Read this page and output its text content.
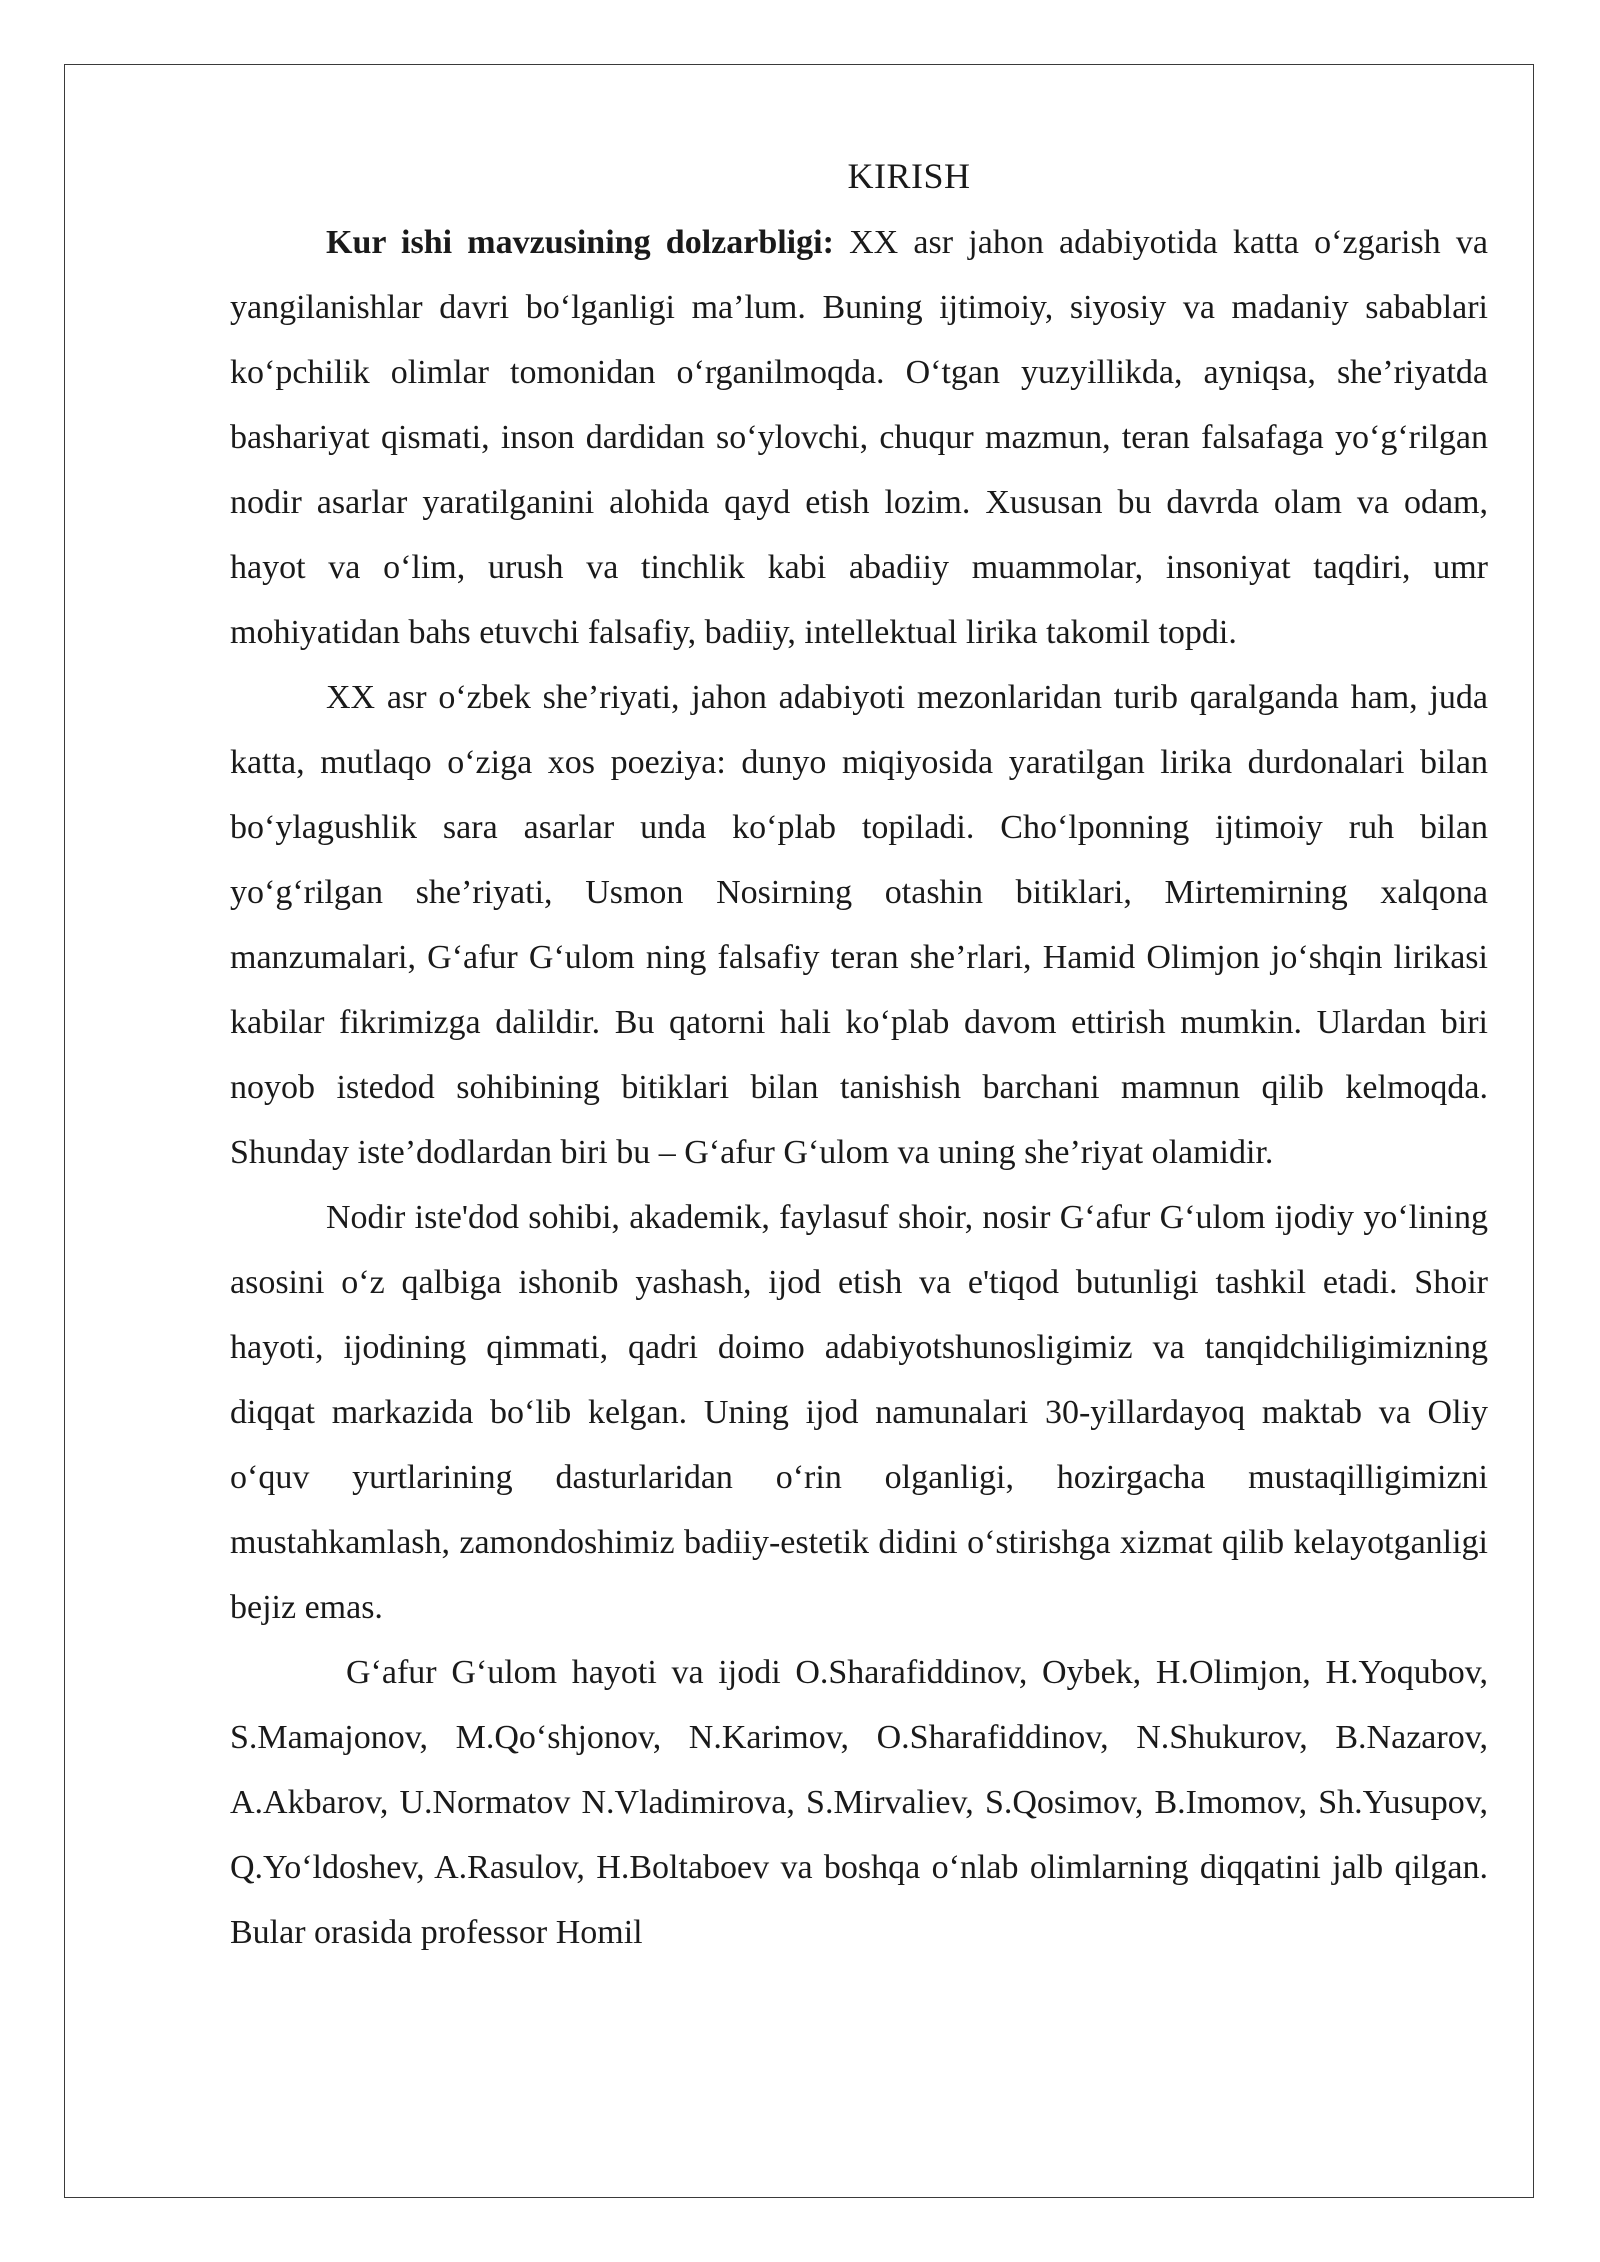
KIRISH

Kur ishi mavzusining dolzarbligi: XX asr jahon adabiyotida katta o‘zgarish va yangilanishlar davri bo‘lganligi ma’lum. Buning ijtimoiy, siyosiy va madaniy sabablari ko‘pchilik olimlar tomonidan o‘rganilmoqda. O‘tgan yuzyillikda, ayniqsa, she’riyatda bashariyat qismati, inson dardidan so‘ylovchi, chuqur mazmun, teran falsafaga yo‘g‘rilgan nodir asarlar yaratilganini alohida qayd etish lozim. Xususan bu davrda olam va odam, hayot va o‘lim, urush va tinchlik kabi abadiiy muammolar, insoniyat taqdiri, umr mohiyatidan bahs etuvchi falsafiy, badiiy, intellektual lirika takomil topdi.

XX asr o‘zbek she’riyati, jahon adabiyoti mezonlaridan turib qaralganda ham, juda katta, mutlaqo o‘ziga xos poeziya: dunyo miqiyosida yaratilgan lirika durdonalari bilan bo‘ylagushlik sara asarlar unda ko‘plab topiladi. Cho‘lponning ijtimoiy ruh bilan yo‘g‘rilgan she’riyati, Usmon Nosirning otashin bitiklari, Mirtemirning xalqona manzumalari, G‘afur G‘ulom ning falsafiy teran she’rlari, Hamid Olimjon jo‘shqin lirikasi kabilar fikrimizga dalildir. Bu qatorni hali ko‘plab davom ettirish mumkin. Ulardan biri noyob istedod sohibining bitiklari bilan tanishish barchani mamnun qilib kelmoqda. Shunday iste’dodlardan biri bu – G‘afur G‘ulom va uning she’riyat olamidir.

Nodir iste'dod sohibi, akademik, faylasuf shoir, nosir G‘afur G‘ulom ijodiy yo‘lining asosini o‘z qalbiga ishonib yashash, ijod etish va e'tiqod butunligi tashkil etadi. Shoir hayoti, ijodining qimmati, qadri doimo adabiyotshunosligimiz va tanqidchiligimizning diqqat markazida bo‘lib kelgan. Uning ijod namunalari 30-yillardayoq maktab va Oliy o‘quv yurtlarining dasturlaridan o‘rin olganligi, hozirgacha mustaqilligimizni mustahkamlash, zamondoshimiz badiiy-estetik didini o‘stirishga xizmat qilib kelayotganligi bejiz emas.

G‘afur G‘ulom hayoti va ijodi O.Sharafiddinov, Oybek, H.Olimjon, H.Yoqubov, S.Mamajonov, M.Qo‘shjonov, N.Karimov, O.Sharafiddinov, N.Shukurov, B.Nazarov, A.Akbarov, U.Normatov N.Vladimirova, S.Mirvaliev, S.Qosimov, B.Imomov, Sh.Yusupov, Q.Yo‘ldoshev, A.Rasulov, H.Boltaboev va boshqa o‘nlab olimlarning diqqatini jalb qilgan. Bular orasida professor Homil
